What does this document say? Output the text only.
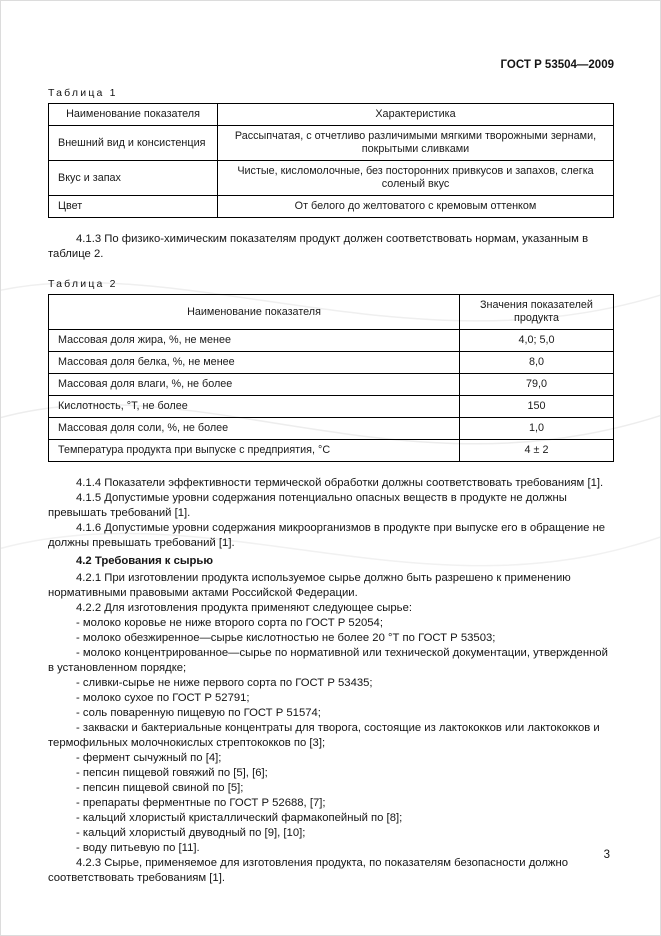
ГОСТ Р 53504—2009
Таблица 1
Наименование показателя	Характеристика
Внешний вид и консистенция	Рассыпчатая, с отчетливо различимыми мягкими творожными зернами, покрытыми сливками
Вкус и запах	Чистые, кисломолочные, без посторонних привкусов и запахов, слегка соленый вкус
Цвет	От белого до желтоватого с кремовым оттенком

4.1.3 По физико-химическим показателям продукт должен соответствовать нормам, указанным в таблице 2.

Таблица 2
Наименование показателя	Значения показателей продукта
Массовая доля жира, %, не менее	4,0; 5,0
Массовая доля белка, %, не менее	8,0
Массовая доля влаги, %, не более	79,0
Кислотность, °Т, не более	150
Массовая доля соли, %, не более	1,0
Температура продукта при выпуске с предприятия, °С	4 ± 2

4.1.4 Показатели эффективности термической обработки должны соответствовать требованиям [1].

4.1.5 Допустимые уровни содержания потенциально опасных веществ в продукте не должны превышать требований [1].

4.1.6 Допустимые уровни содержания микроорганизмов в продукте при выпуске его в обращение не должны превышать требований [1].

4.2 Требования к сырью

4.2.1 При изготовлении продукта используемое сырье должно быть разрешено к применению нормативными правовыми актами Российской Федерации.

4.2.2 Для изготовления продукта применяют следующее сырье:

- молоко коровье не ниже второго сорта по ГОСТ Р 52054;

- молоко обезжиренное—сырье кислотностью не более 20 °Т по ГОСТ Р 53503;

- молоко концентрированное—сырье по нормативной или технической документации, утвержденной в установленном порядке;

- сливки-сырье не ниже первого сорта по ГОСТ Р 53435;

- молоко сухое по ГОСТ Р 52791;

- соль поваренную пищевую по ГОСТ Р 51574;

- закваски и бактериальные концентраты для творога, состоящие из лактококков или лактококков и термофильных молочнокислых стрептококков по [3];

- фермент сычужный по [4];

- пепсин пищевой говяжий по [5], [6];

- пепсин пищевой свиной по [5];

- препараты ферментные по ГОСТ Р 52688, [7];

- кальций хлористый кристаллический фармакопейный по [8];

- кальций хлористый двуводный по [9], [10];

- воду питьевую по [11].

4.2.3 Сырье, применяемое для изготовления продукта, по показателям безопасности должно соответствовать требованиям [1].

3
